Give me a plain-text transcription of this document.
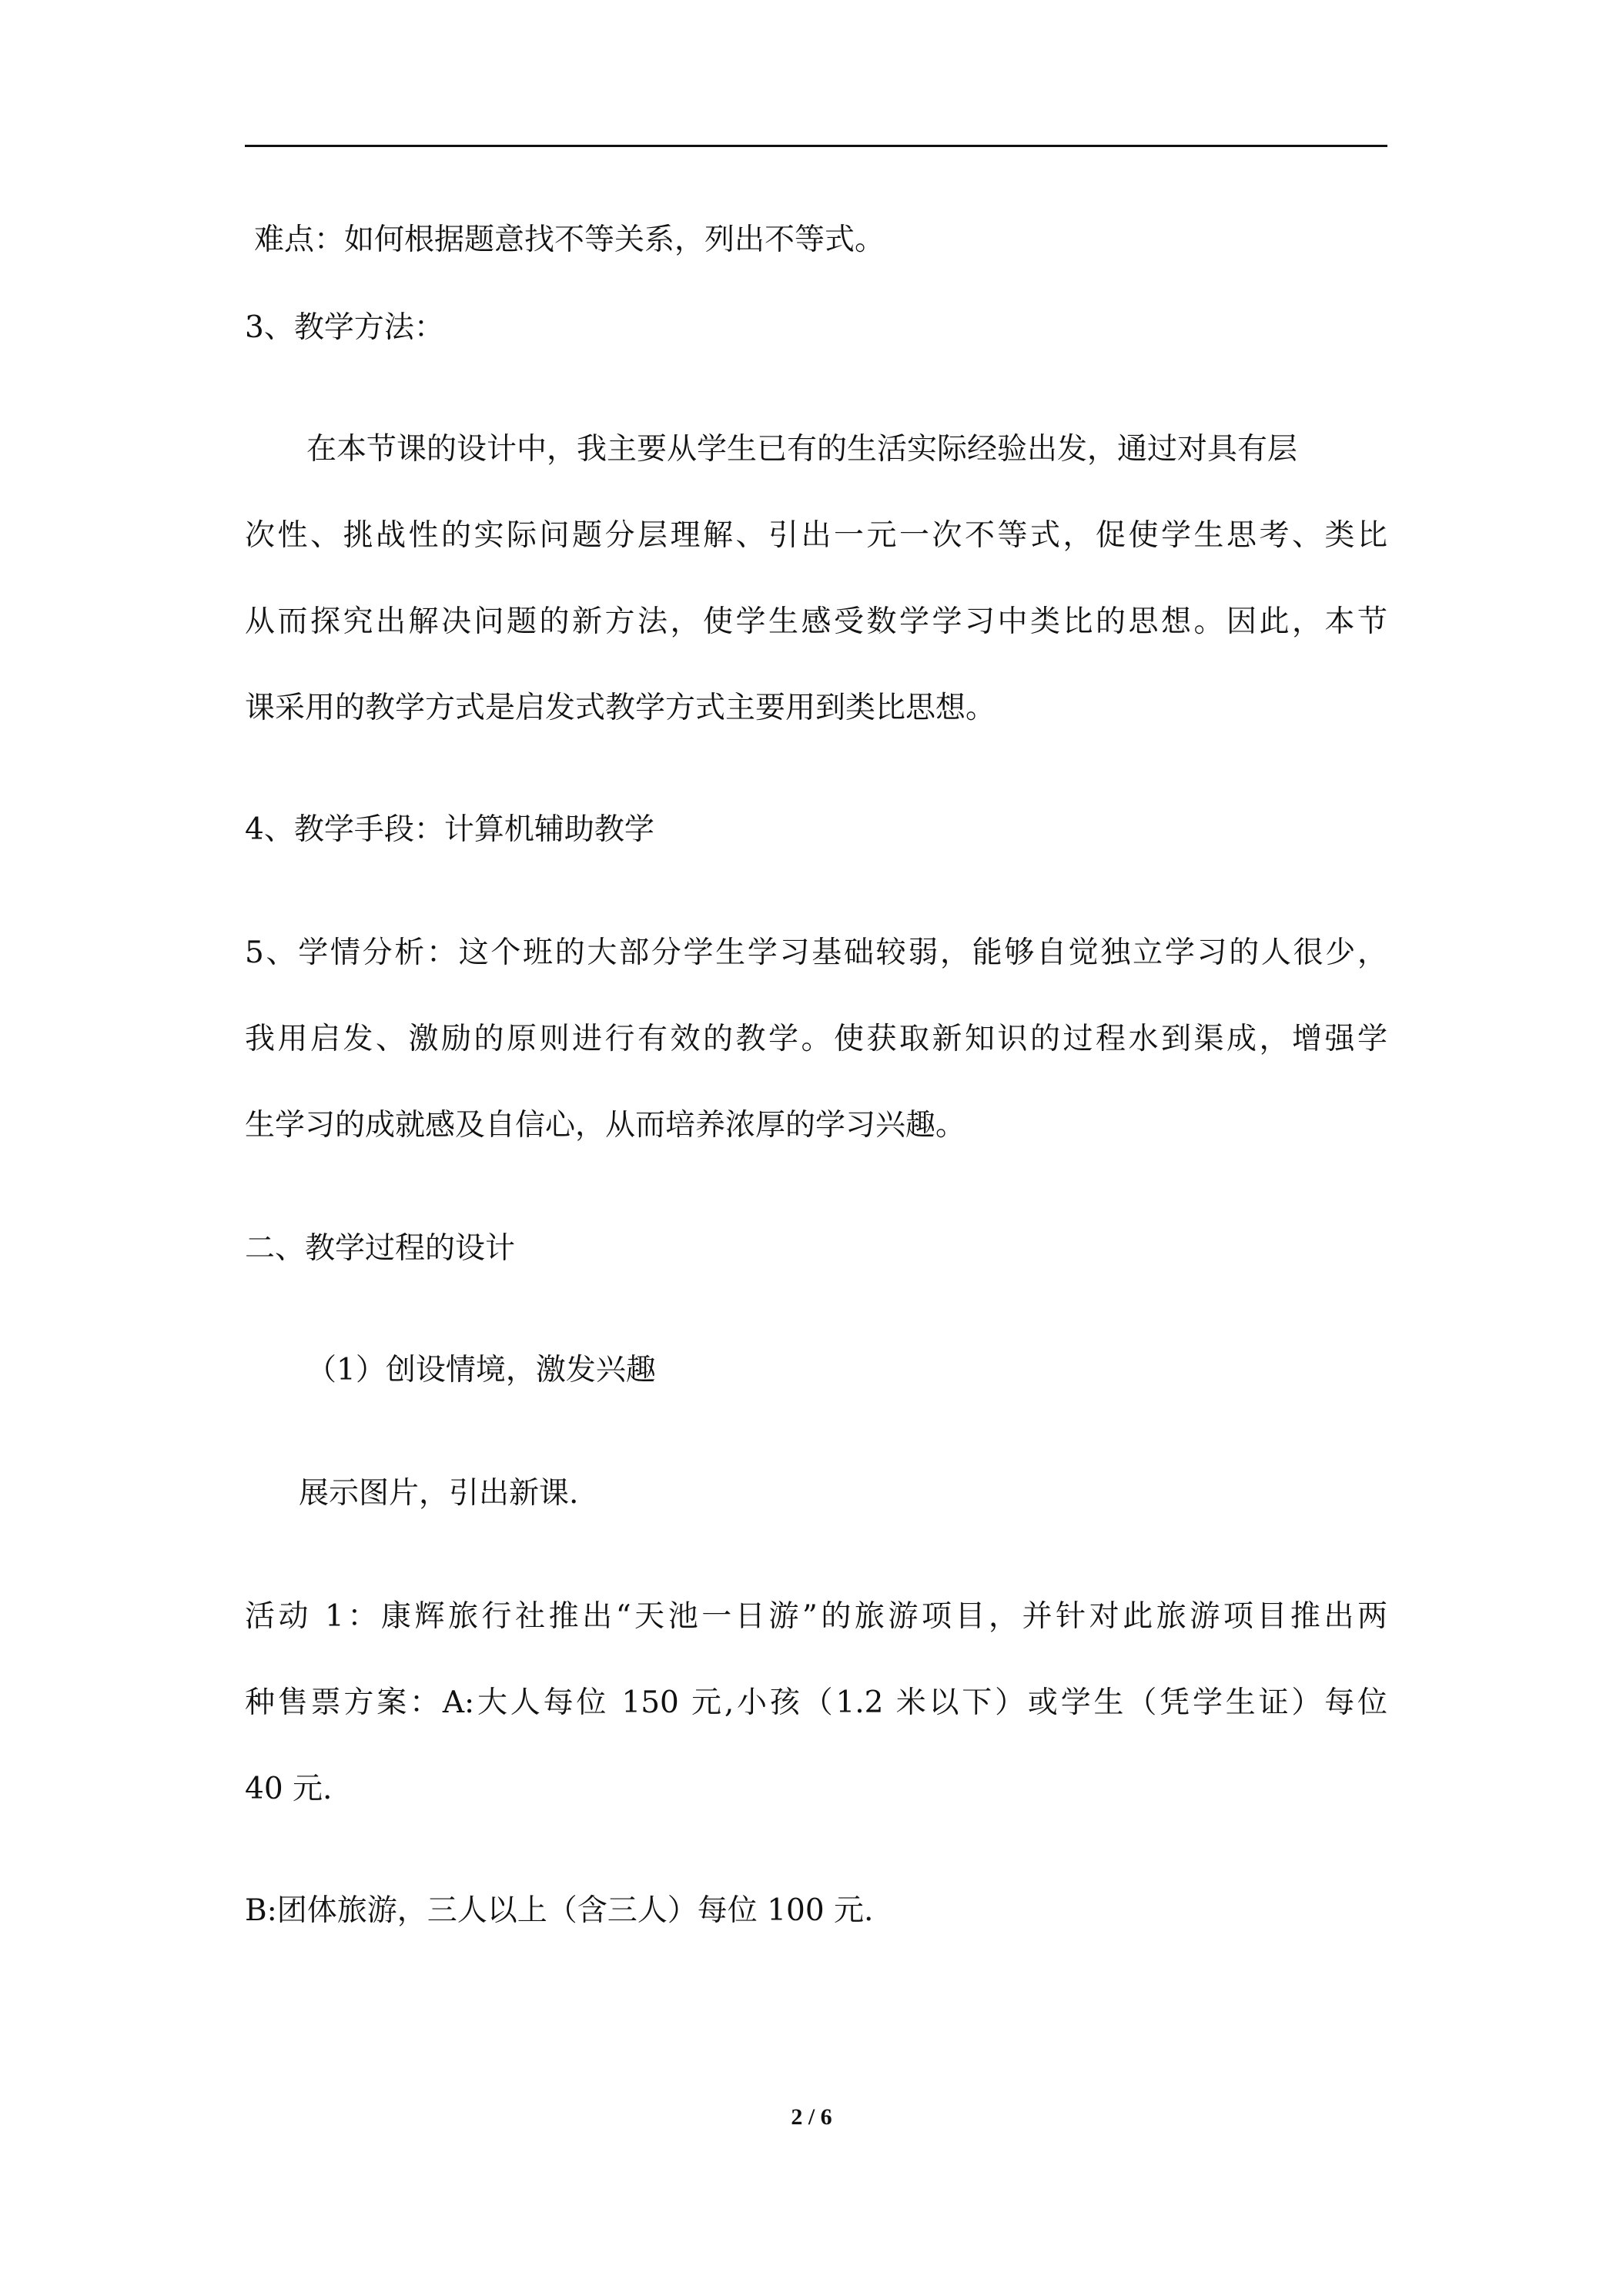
难点：如何根据题意找不等关系，列出不等式。
3、教学方法：
在本节课的设计中，我主要从学生已有的生活实际经验出发，通过对具有层
次性、挑战性的实际问题分层理解、引出一元一次不等式，促使学生思考、类比
从而探究出解决问题的新方法，使学生感受数学学习中类比的思想。因此，本节
课采用的教学方式是启发式教学方式主要用到类比思想。
4、教学手段：计算机辅助教学
5、学情分析：这个班的大部分学生学习基础较弱，能够自觉独立学习的人很少，
我用启发、激励的原则进行有效的教学。使获取新知识的过程水到渠成，增强学
生学习的成就感及自信心，从而培养浓厚的学习兴趣。
二、教学过程的设计
（1）创设情境，激发兴趣
展示图片，引出新课.
活动 1：康辉旅行社推出“天池一日游”的旅游项目，并针对此旅游项目推出两
种售票方案：A:大人每位 150 元,小孩（1.2 米以下）或学生（凭学生证）每位
40 元.
B:团体旅游，三人以上（含三人）每位 100 元.
2 / 6
